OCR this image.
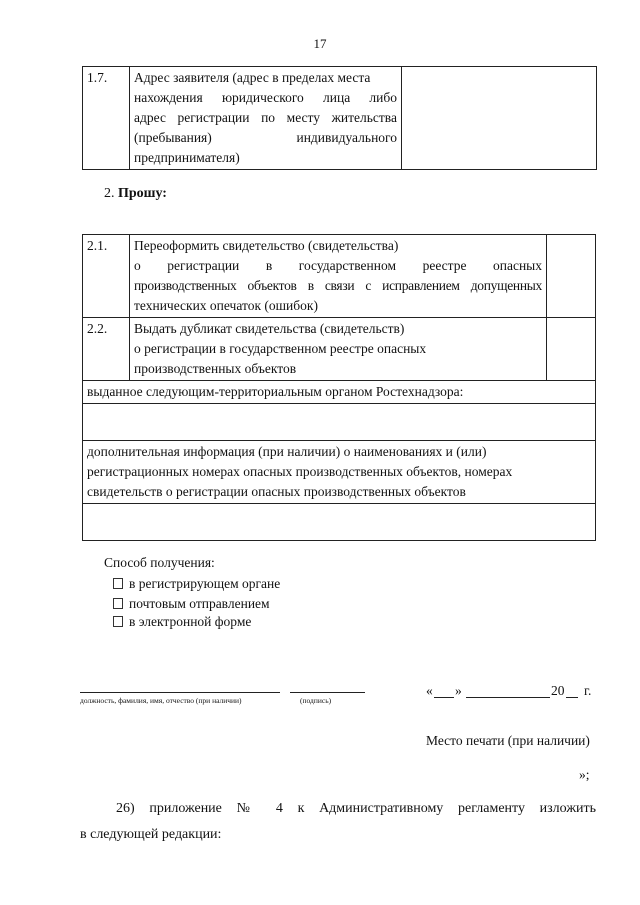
17
1.7.	Адрес заявителя (адрес в пределах места
нахождения юридического лица либо
адрес регистрации по месту жительства
(пребывания) индивидуального
предпринимателя)

2. Прошу:
2.1.	Переоформить свидетельство (свидетельства)
о регистрации в государственном реестре опасных
производственных объектов в связи с исправлением допущенных
технических опечаток (ошибок)	

2.2.	Выдать дубликат свидетельства (свидетельств)
о регистрации в государственном реестре опасных
производственных объектов	

выданное следующим-территориальным органом Ростехнадзора:		

дополнительная информация (при наличии) о наименованиях и (или)
регистрационных номерах опасных производственных объектов, номерах
свидетельств о регистрации опасных производственных объектов		

Способ получения:
в регистрирующем органе
почтовым отправлением
в электронной форме
должность, фамилия, имя, отчество (при наличии)	(подпись)
« »	20 г.
Место печати (при наличии)
»;
26) приложение № 4 к Административному регламенту изложить
в следующей редакции:
